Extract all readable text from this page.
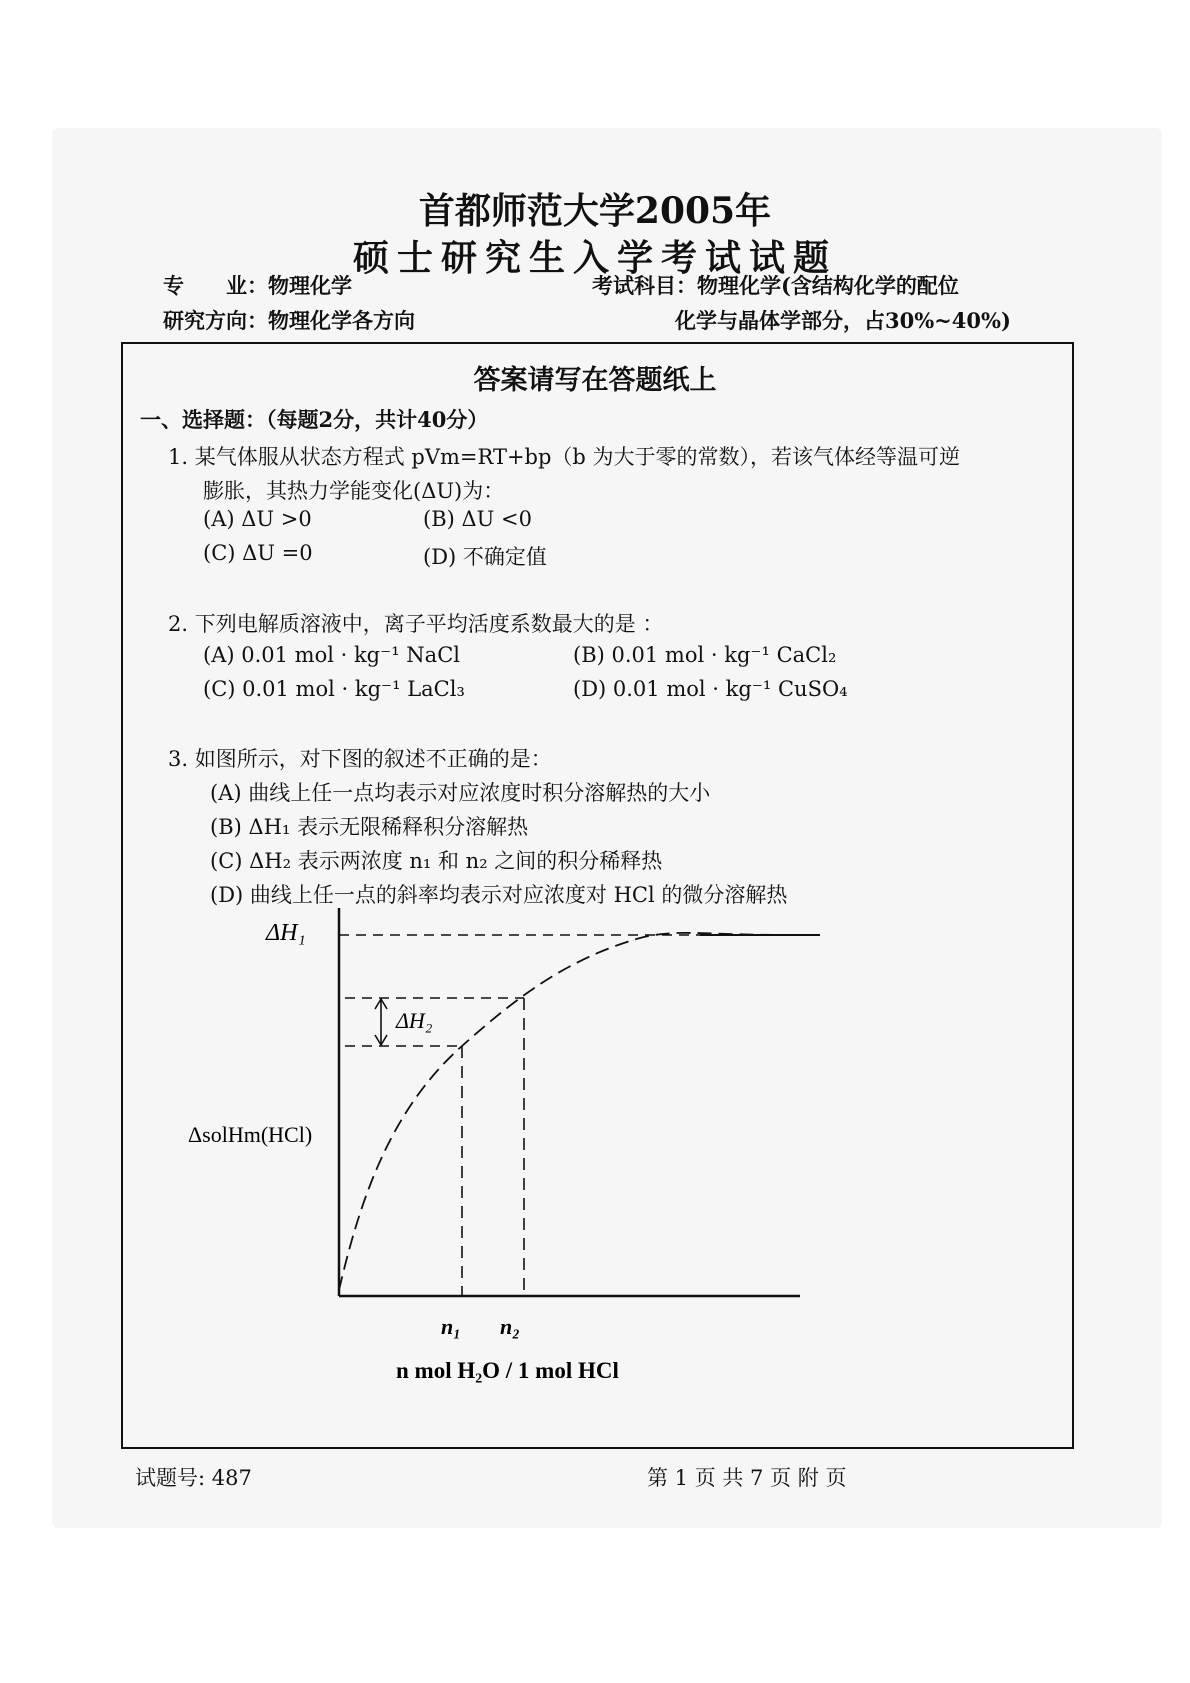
首都师范大学2005年
硕士研究生入学考试试题
专　　业：物理化学
研究方向：物理化学各方向
考试科目：物理化学(含结构化学的配位
化学与晶体学部分，占30%~40%)
答案请写在答题纸上
一、选择题：（每题2分，共计40分）
1. 某气体服从状态方程式 pVm=RT+bp（b 为大于零的常数），若该气体经等温可逆
膨胀，其热力学能变化(ΔU)为：
(A) ΔU >0	(B) ΔU <0
(C) ΔU =0	(D) 不确定值
2. 下列电解质溶液中，离子平均活度系数最大的是 ：
(A) 0.01 mol · kg⁻¹ NaCl	(B) 0.01 mol · kg⁻¹ CaCl₂
(C) 0.01 mol · kg⁻¹ LaCl₃	(D) 0.01 mol · kg⁻¹ CuSO₄
3. 如图所示，对下图的叙述不正确的是：
(A) 曲线上任一点均表示对应浓度时积分溶解热的大小
(B) ΔH₁ 表示无限稀释积分溶解热
(C) ΔH₂ 表示两浓度 n₁ 和 n₂ 之间的积分稀释热
(D) 曲线上任一点的斜率均表示对应浓度对 HCl 的微分溶解热
ΔH₁
ΔH₂
ΔsolHm(HCl)
n₁ n₂
n mol H₂O / 1 mol HCl
试题号: 487	第 1 页 共 7 页 附 页
